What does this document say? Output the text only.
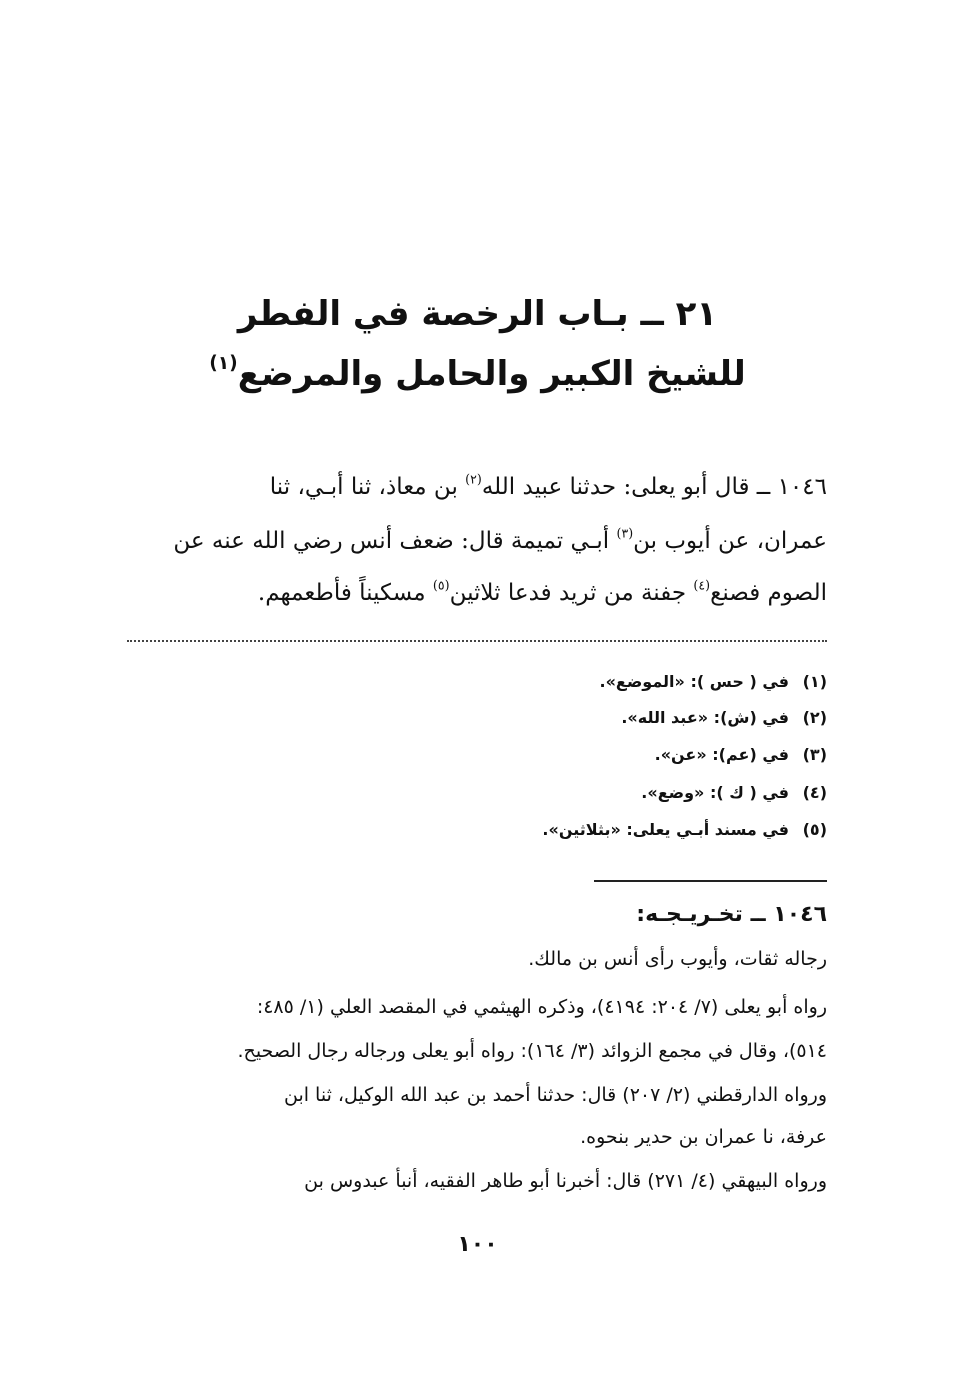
٢١ ــ بـاب الرخصة في الفطر
للشيخ الكبير والحامل والمرضع$^{(١)}$
١٠٤٦ ــ قال أبو يعلى: حدثنا عبيد الله$^{(٢)}$ بن معاذ، ثنا أبـي، ثنا
عمران، عن أيوب بن$^{(٣)}$ أبـي تميمة قال: ضعف أنس رضي الله عنه عن
الصوم فصنع$^{(٤)}$ جفنة من ثريد فدعا ثلاثين$^{(٥)}$ مسكيناً فأطعمهم.
(١)في ( حس ): «الموضع».
(٢)في (ش): «عبد الله».
(٣)في (عم): «عن».
(٤)في ( ك ): «وضع».
(٥)في مسند أبـي يعلى: «بثلاثين».
١٠٤٦ ــ تخـريـجـه:
رجاله ثقات، وأيوب رأى أنس بن مالك.
رواه أبو يعلى (٧/ ٢٠٤: ٤١٩٤)، وذكره الهيثمي في المقصد العلي (١/ ٤٨٥:
٥١٤)، وقال في مجمع الزوائد (٣/ ١٦٤): رواه أبو يعلى ورجاله رجال الصحيح.
ورواه الدارقطني (٢/ ٢٠٧) قال: حدثنا أحمد بن عبد الله الوكيل، ثنا ابن
عرفة، نا عمران بن حدير بنحوه.
ورواه البيهقي (٤/ ٢٧١) قال: أخبرنا أبو طاهر الفقيه، أنبأ عبدوس بن
١٠٠
